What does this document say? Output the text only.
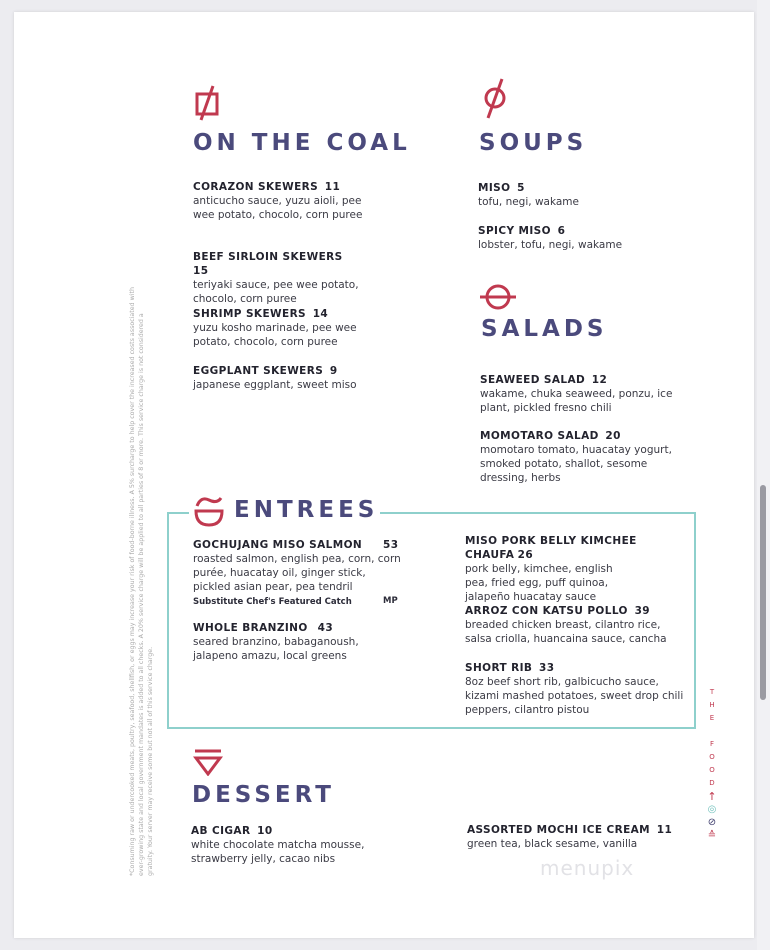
ON THE COAL
CORAZON SKEWERS 11
anticucho sauce, yuzu aioli, pee wee potato, chocolo, corn puree
BEEF SIRLOIN SKEWERS  15
teriyaki sauce, pee wee potato, chocolo, corn puree
SHRIMP SKEWERS 14
yuzu kosho marinade, pee wee potato, chocolo, corn puree
EGGPLANT SKEWERS 9
japanese eggplant, sweet miso
SOUPS
MISO 5
tofu, negi, wakame
SPICY MISO 6
lobster, tofu, negi, wakame
SALADS
SEAWEED SALAD 12
wakame, chuka seaweed, ponzu, ice plant, pickled fresno chili
MOMOTARO SALAD 20
momotaro tomato, huacatay yogurt, smoked potato, shallot, sesome dressing, herbs
ENTREES
GOCHUJANG MISO SALMON 53

roasted salmon, english pea, corn, corn purée, huacatay oil, ginger stick, pickled asian pear, pea tendril
Substitute Chef's Featured Catch	MP
WHOLE BRANZINO 43
seared branzino, babaganoush, jalapeno amazu, local greens
MISO PORK BELLY KIMCHEE CHAUFA 26
pork belly, kimchee, english pea, fried egg, puff quinoa, jalapeño huacatay sauce
ARROZ CON KATSU POLLO 39
breaded chicken breast, cilantro rice, salsa criolla, huancaina sauce, cancha
SHORT RIB 33
8oz beef short rib, galbicucho sauce, kizami mashed potatoes, sweet drop chili peppers, cilantro pistou
DESSERT
AB CIGAR 10
white chocolate matcha mousse, strawberry jelly, cacao nibs
ASSORTED MOCHI ICE CREAM 11
green tea, black sesame, vanilla
*Consuming raw or undercooked meats, poultry, seafood, shellfish, or eggs may increase your risk of food-borne illness. A 5% surcharge to help cover the increased costs associated with ever-growing state and local government mandates is added to all checks. A 20% service charge will be applied to all parties of 8 or more. This service charge is not considered a gratuity. Your server may receive some but not all of this service charge.	T
H
E
F
O
O
D
↑
◎
⊘
≙
menupix
